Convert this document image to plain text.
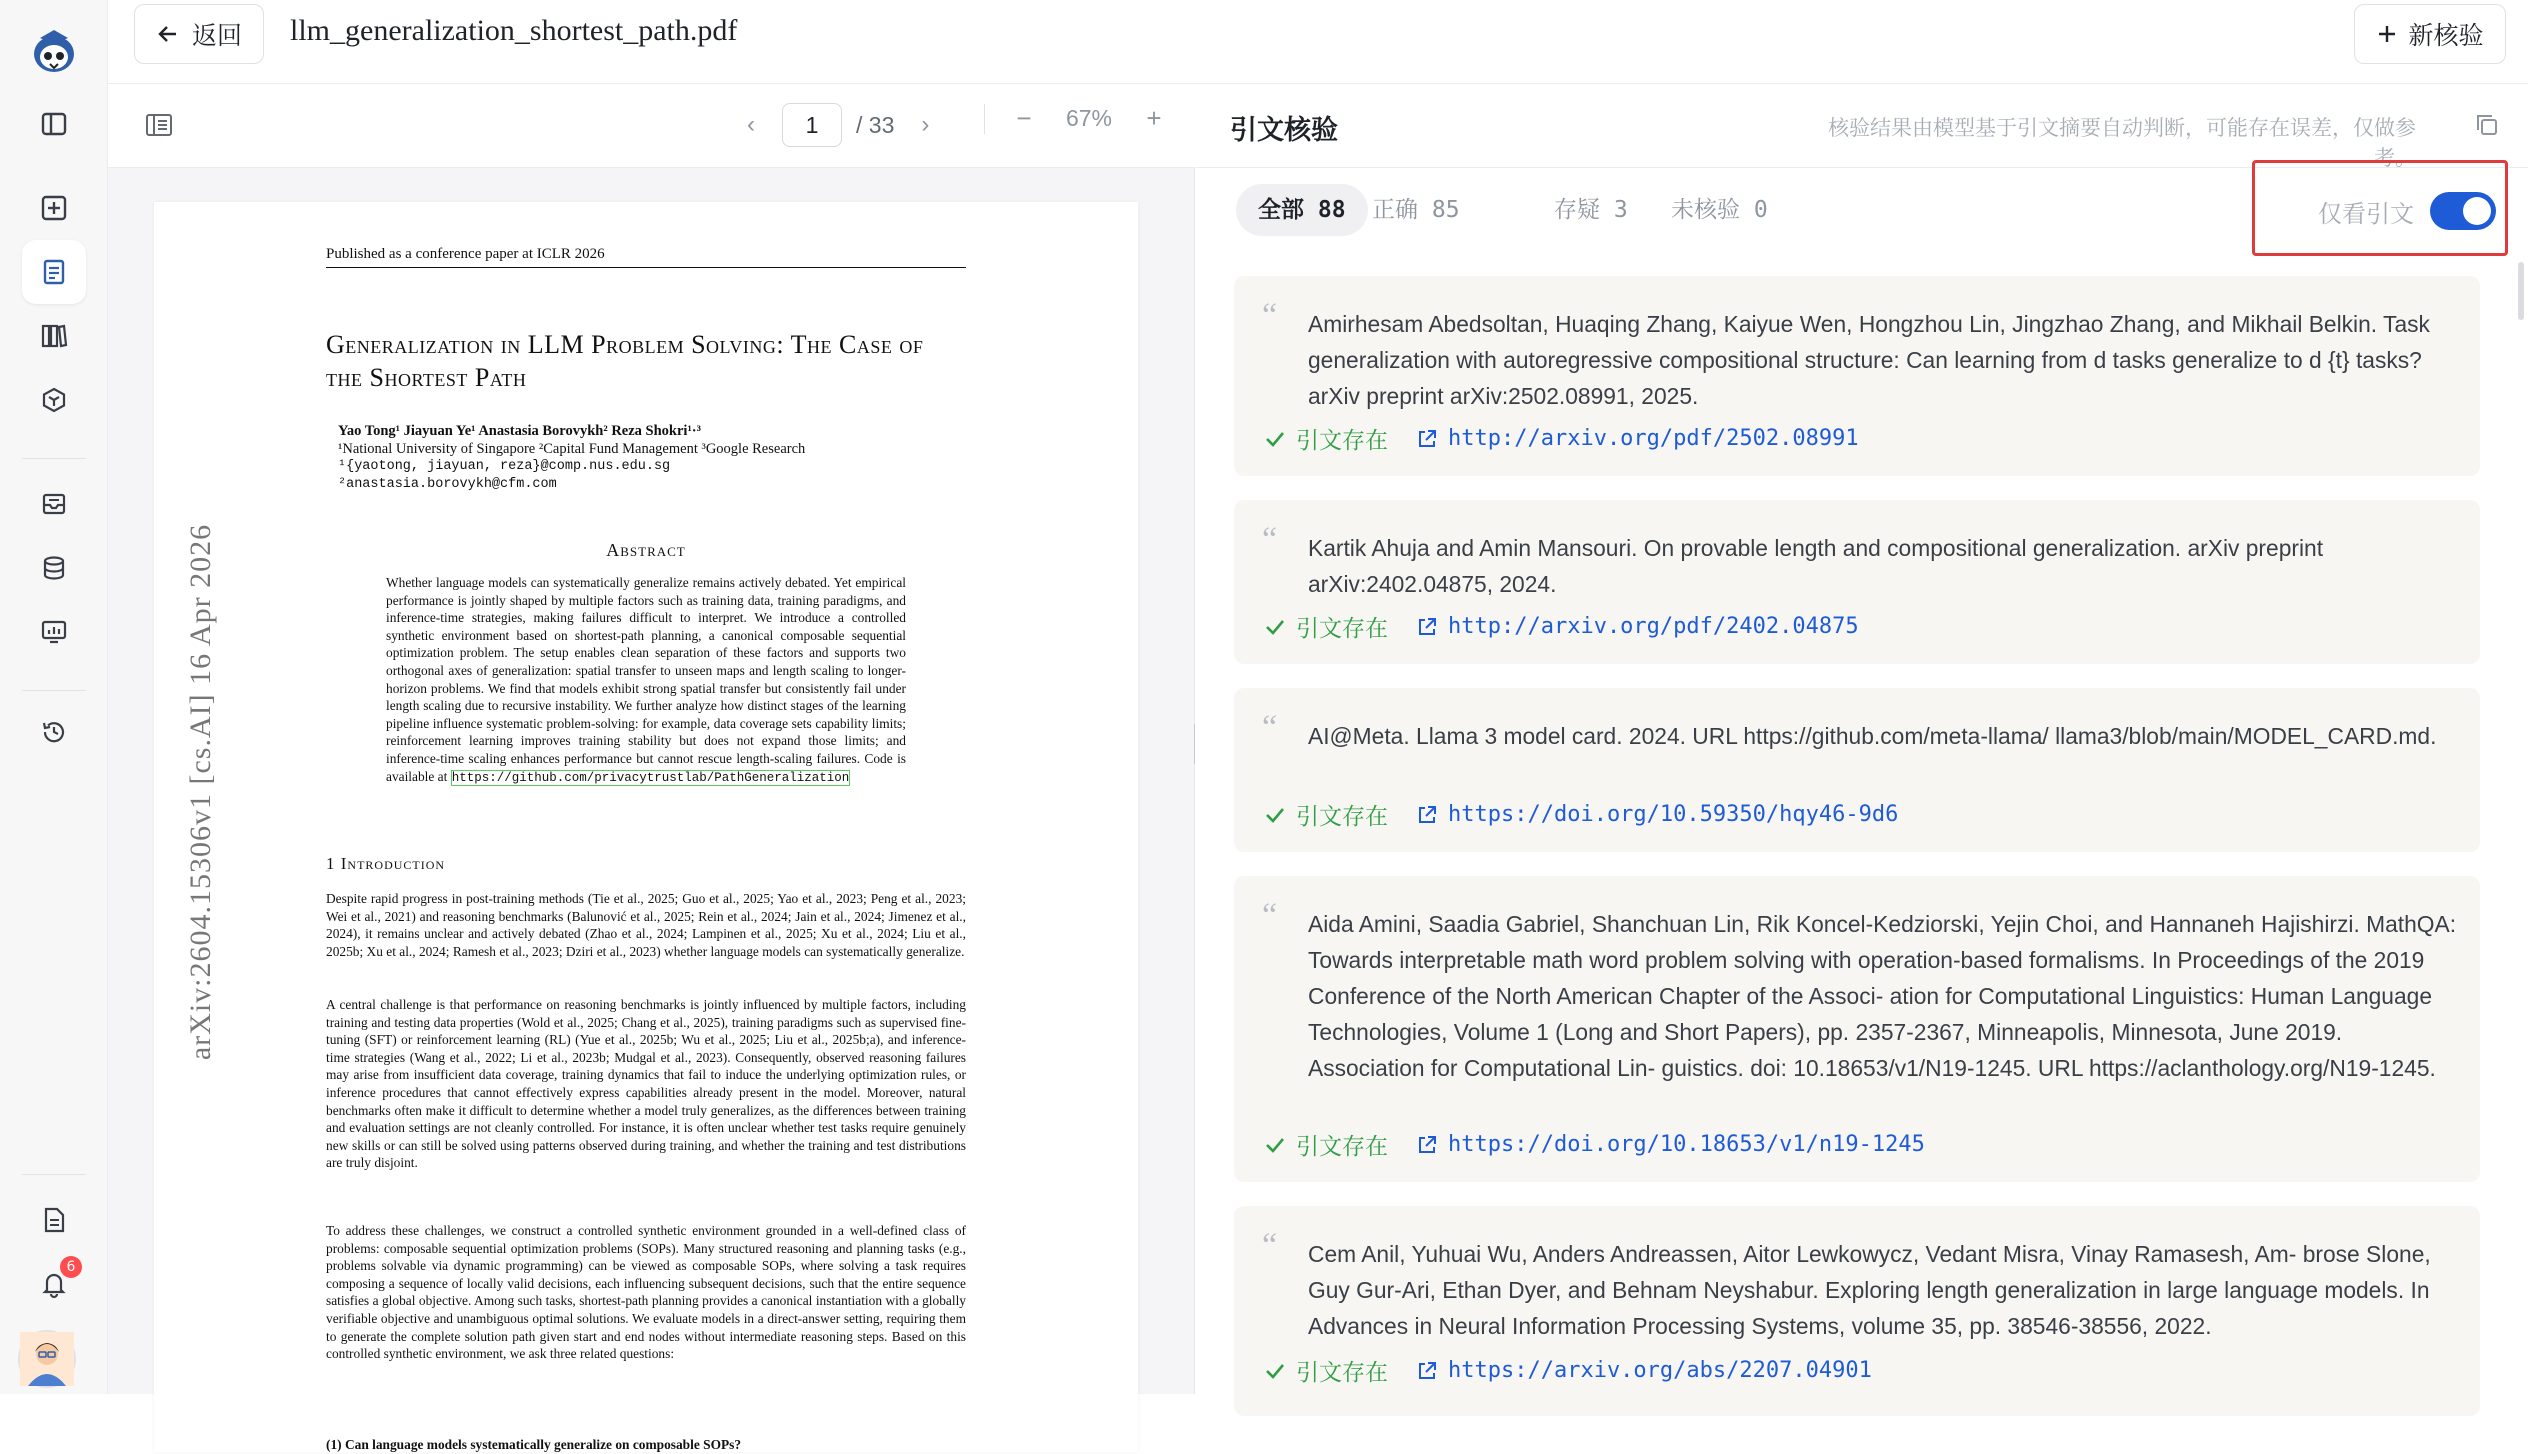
6
返回 llm_generalization_shortest_path.pdf	新核验
‹	1	/ 33	›	−	67%	+
arXiv:2604.15306v1 [cs.AI] 16 Apr 2026
Published as a conference paper at ICLR 2026
Generalization in LLM Problem Solving: The Case of the Shortest Path
Yao Tong¹ Jiayuan Ye¹ Anastasia Borovykh² Reza Shokri¹·³
¹National University of Singapore ²Capital Fund Management ³Google Research
¹{yaotong, jiayuan, reza}@comp.nus.edu.sg
²anastasia.borovykh@cfm.com
Abstract
Whether language models can systematically generalize remains actively debated. Yet empirical performance is jointly shaped by multiple factors such as training data, training paradigms, and inference-time strategies, making failures difficult to interpret. We introduce a controlled synthetic environment based on shortest-path planning, a canonical composable sequential optimization problem. The setup enables clean separation of these factors and supports two orthogonal axes of generalization: spatial transfer to unseen maps and length scaling to longer-horizon problems. We find that models exhibit strong spatial transfer but consistently fail under length scaling due to recursive instability. We further analyze how distinct stages of the learning pipeline influence systematic problem-solving: for example, data coverage sets capability limits; reinforcement learning improves training stability but does not expand those limits; and inference-time scaling enhances performance but cannot rescue length-scaling failures. Code is available at https://github.com/privacytrustlab/PathGeneralization
1 Introduction
Despite rapid progress in post-training methods (Tie et al., 2025; Guo et al., 2025; Yao et al., 2023; Peng et al., 2023; Wei et al., 2021) and reasoning benchmarks (Balunović et al., 2025; Rein et al., 2024; Jain et al., 2024; Jimenez et al., 2024), it remains unclear and actively debated (Zhao et al., 2024; Lampinen et al., 2025; Xu et al., 2024; Liu et al., 2025b; Xu et al., 2024; Ramesh et al., 2023; Dziri et al., 2023) whether language models can systematically generalize.
A central challenge is that performance on reasoning benchmarks is jointly influenced by multiple factors, including training and testing data properties (Wold et al., 2025; Chang et al., 2025), training paradigms such as supervised fine-tuning (SFT) or reinforcement learning (RL) (Yue et al., 2025b; Wu et al., 2025; Liu et al., 2025b;a), and inference-time strategies (Wang et al., 2022; Li et al., 2023b; Mudgal et al., 2023). Consequently, observed reasoning failures may arise from insufficient data coverage, training dynamics that fail to induce the underlying optimization rules, or inference procedures that cannot effectively express capabilities already present in the model. Moreover, natural benchmarks often make it difficult to determine whether a model truly generalizes, as the differences between training and evaluation settings are not cleanly controlled. For instance, it is often unclear whether test tasks require genuinely new skills or can still be solved using patterns observed during training, and whether the training and test distributions are truly disjoint.
To address these challenges, we construct a controlled synthetic environment grounded in a well-defined class of problems: composable sequential optimization problems (SOPs). Many structured reasoning and planning tasks (e.g., problems solvable via dynamic programming) can be viewed as composable SOPs, where solving a task requires composing a sequence of locally valid decisions, each influencing subsequent decisions, such that the entire sequence satisfies a global objective. Among such tasks, shortest-path planning provides a canonical instantiation with a globally verifiable objective and unambiguous optimal solutions. We evaluate models in a direct-answer setting, requiring them to generate the complete solution path given start and end nodes without intermediate reasoning steps. Based on this controlled synthetic environment, we ask three related questions:
(1) Can language models systematically generalize on composable SOPs?
引文核验	核验结果由模型基于引文摘要自动判断，可能存在误差，仅做参考。
全部 88	正确 85	存疑 3	未核验 0	仅看引文
“ Amirhesam Abedsoltan, Huaqing Zhang, Kaiyue Wen, Hongzhou Lin, Jingzhao Zhang, and Mikhail Belkin. Task generalization with autoregressive compositional structure: Can learning from d tasks generalize to d {t} tasks? arXiv preprint arXiv:2502.08991, 2025.
引文存在	http://arxiv.org/pdf/2502.08991
“ Kartik Ahuja and Amin Mansouri. On provable length and compositional generalization. arXiv preprint arXiv:2402.04875, 2024.
引文存在	http://arxiv.org/pdf/2402.04875
“ AI@Meta. Llama 3 model card. 2024. URL https://github.com/meta-llama/ llama3/blob/main/MODEL_CARD.md.
引文存在	https://doi.org/10.59350/hqy46-9d6
“ Aida Amini, Saadia Gabriel, Shanchuan Lin, Rik Koncel-Kedziorski, Yejin Choi, and Hannaneh Hajishirzi. MathQA: Towards interpretable math word problem solving with operation-based formalisms. In Proceedings of the 2019 Conference of the North American Chapter of the Associ- ation for Computational Linguistics: Human Language Technologies, Volume 1 (Long and Short Papers), pp. 2357-2367, Minneapolis, Minnesota, June 2019. Association for Computational Lin- guistics. doi: 10.18653/v1/N19-1245. URL https://aclanthology.org/N19-1245.
引文存在	https://doi.org/10.18653/v1/n19-1245
“ Cem Anil, Yuhuai Wu, Anders Andreassen, Aitor Lewkowycz, Vedant Misra, Vinay Ramasesh, Am- brose Slone, Guy Gur-Ari, Ethan Dyer, and Behnam Neyshabur. Exploring length generalization in large language models. In Advances in Neural Information Processing Systems, volume 35, pp. 38546-38556, 2022.
引文存在	https://arxiv.org/abs/2207.04901
